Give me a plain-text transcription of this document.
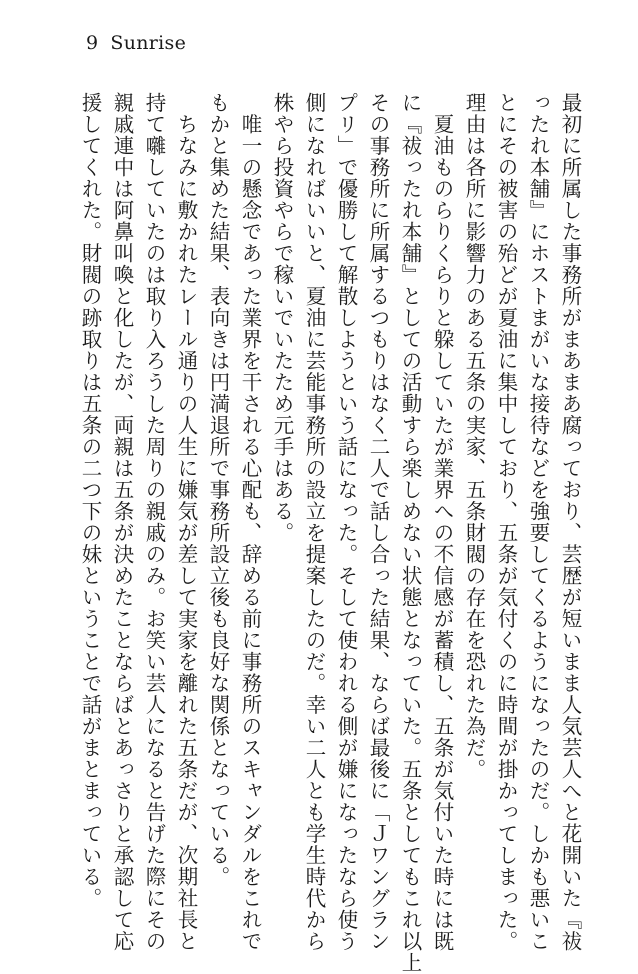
9 Sunrise
最初に所属した事務所がまあまあ腐っており、芸歴が短いまま人気芸人へと花開いた『祓
ったれ本舗』にホストまがいな接待などを強要してくるようになったのだ。しかも悪いこ
とにその被害の殆どが夏油に集中しており、五条が気付くのに時間が掛かってしまった。
理由は各所に影響力のある五条の実家、五条財閥の存在を恐れた為だ。
　夏油ものらりくらりと躱していたが業界への不信感が蓄積し、五条が気付いた時には既
に『祓ったれ本舗』としての活動すら楽しめない状態となっていた。五条としてもこれ以上
その事務所に所属するつもりはなく二人で話し合った結果、ならば最後に「Ｊワングラン
プリ」で優勝して解散しようという話になった。そして使われる側が嫌になったなら使う
側になればいいと、夏油に芸能事務所の設立を提案したのだ。幸い二人とも学生時代から
株やら投資やらで稼いでいたため元手はある。
　唯一の懸念であった業界を干される心配も、辞める前に事務所のスキャンダルをこれで
もかと集めた結果、表向きは円満退所で事務所設立後も良好な関係となっている。
　ちなみに敷かれたレール通りの人生に嫌気が差して実家を離れた五条だが、次期社長と
持て囃していたのは取り入ろうした周りの親戚のみ。お笑い芸人になると告げた際にその
親戚連中は阿鼻叫喚と化したが、両親は五条が決めたことならばとあっさりと承認して応
援してくれた。財閥の跡取りは五条の二つ下の妹ということで話がまとまっている。
